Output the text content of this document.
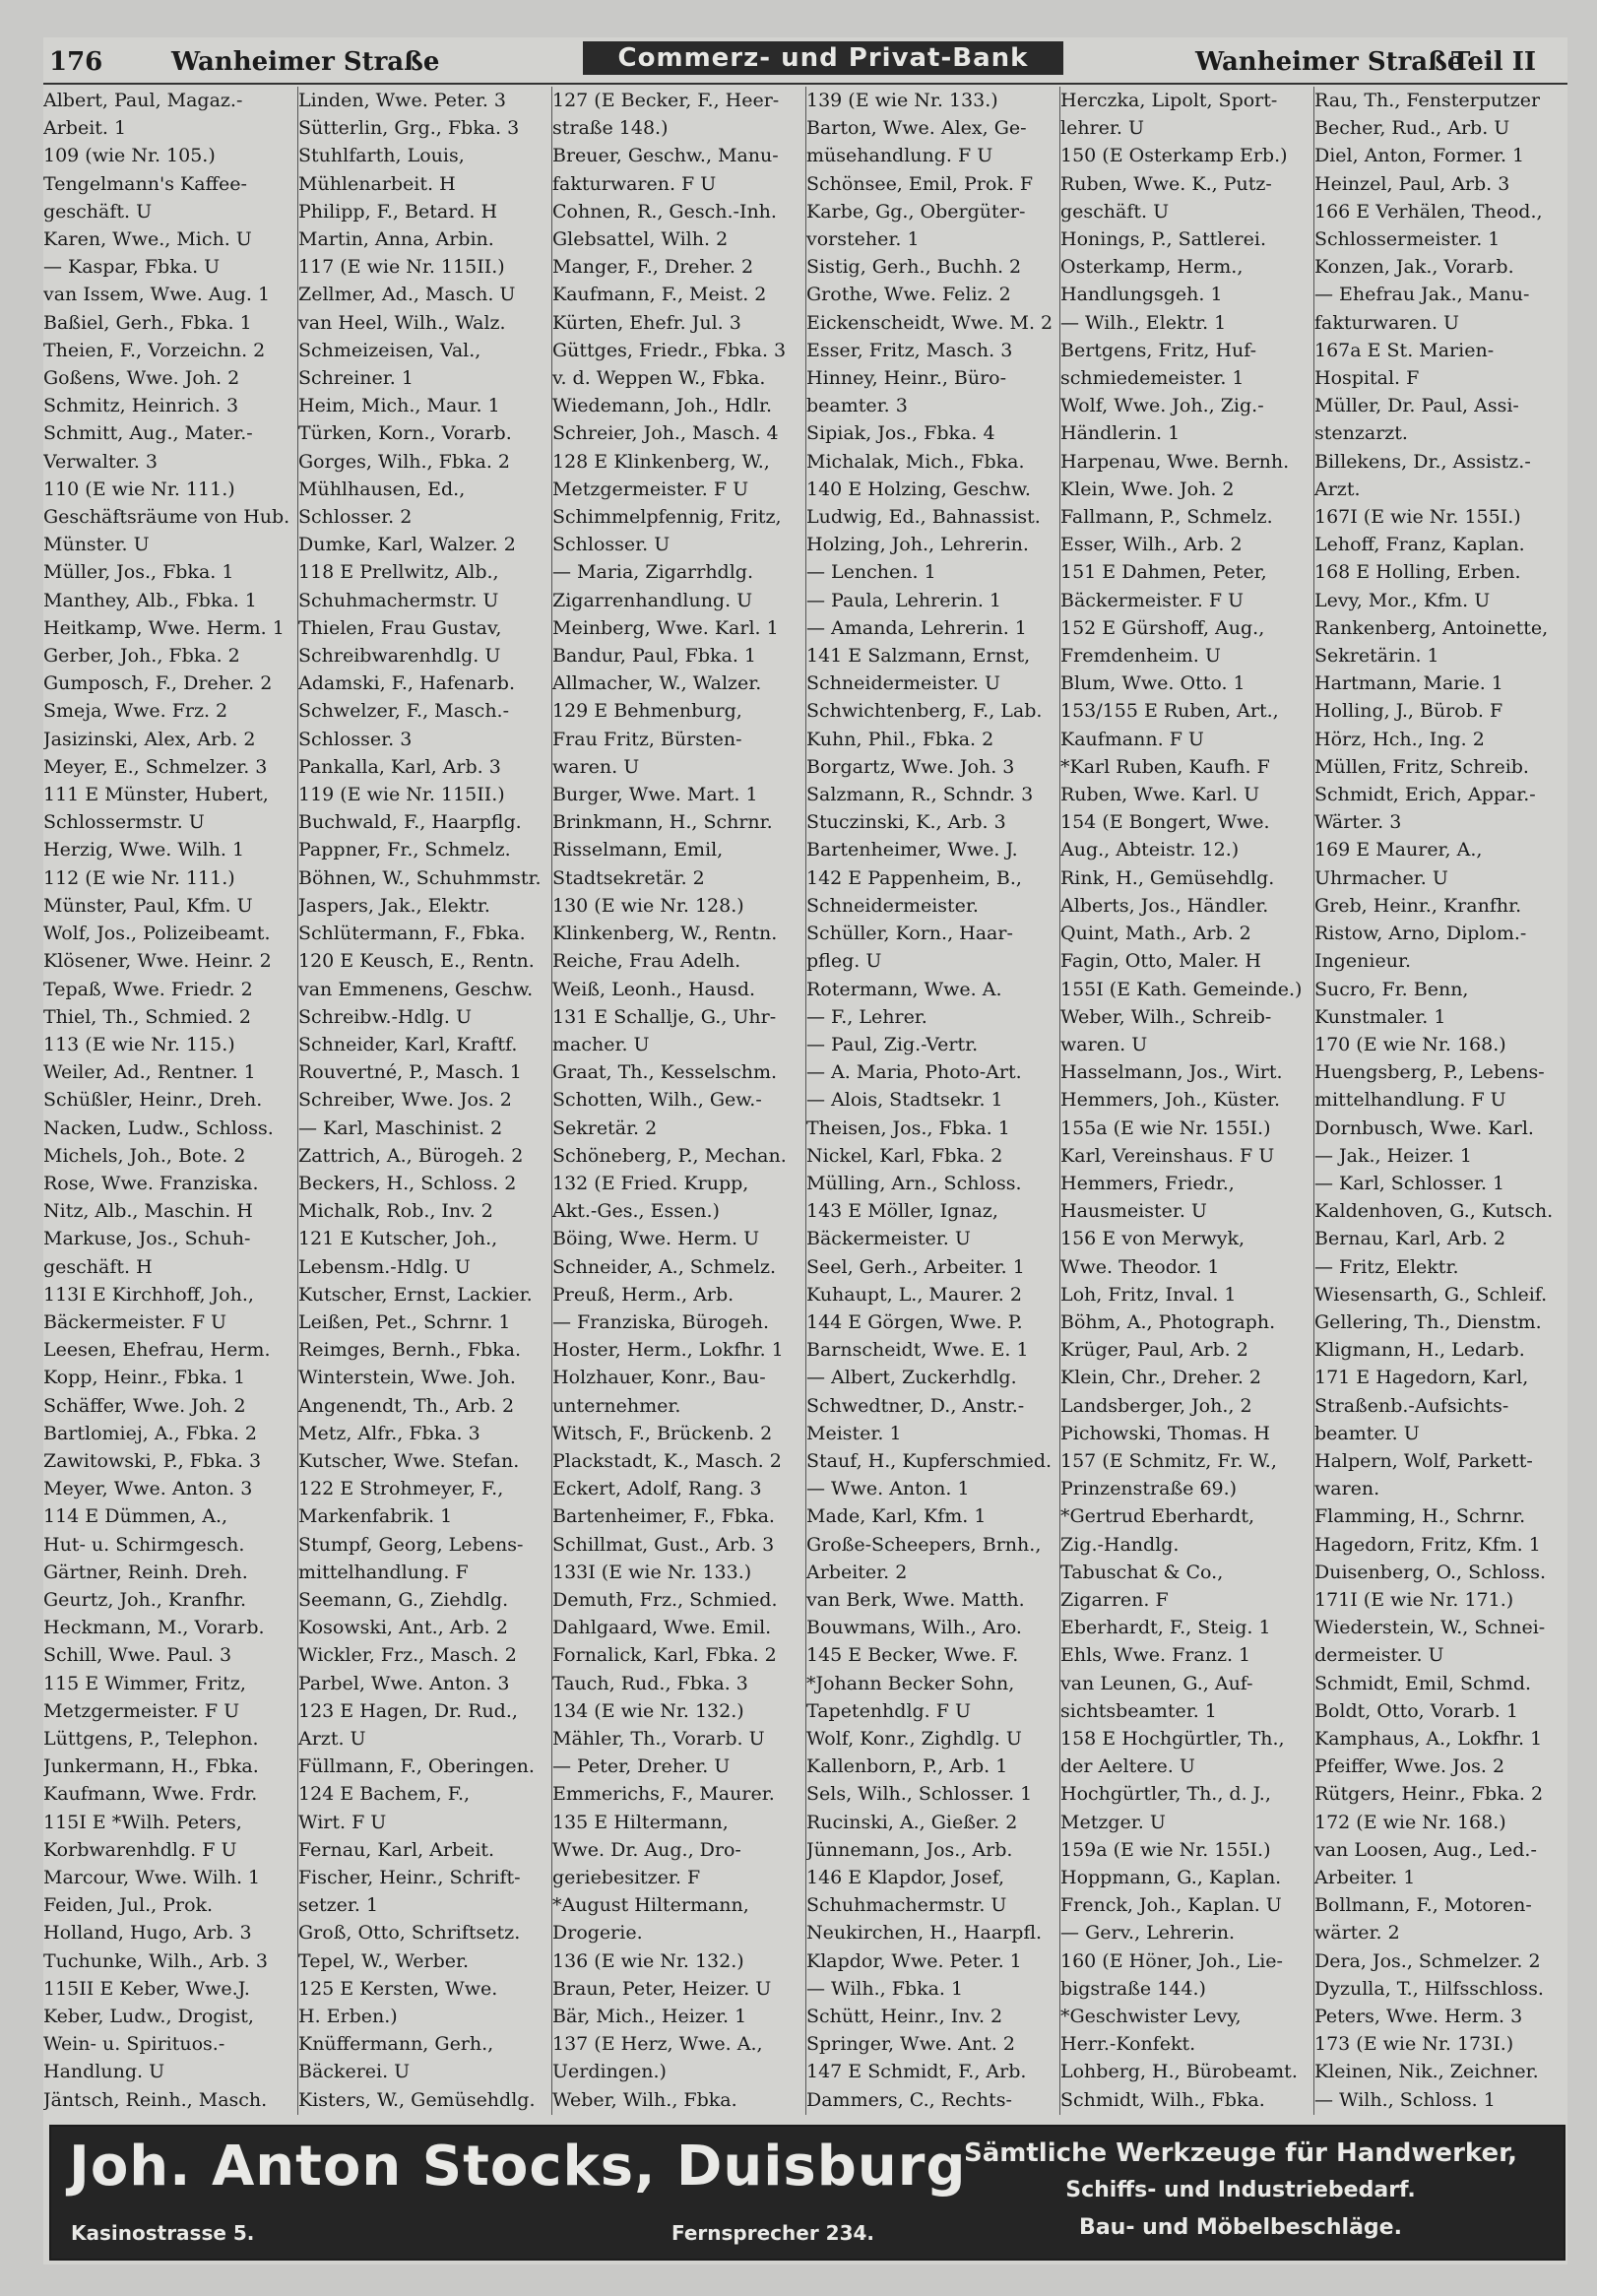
176	Wanheimer Straße	Commerz- und Privat-Bank	Wanheimer Straße
Teil II
Albert, Paul, Magaz.-
Arbeit. 1
109 (wie Nr. 105.)
Tengelmann's Kaffee-
geschäft. U
Karen, Wwe., Mich. U
— Kaspar, Fbka. U
van Issem, Wwe. Aug. 1
Baßiel, Gerh., Fbka. 1
Theien, F., Vorzeichn. 2
Goßens, Wwe. Joh. 2
Schmitz, Heinrich. 3
Schmitt, Aug., Mater.-
Verwalter. 3
110 (E wie Nr. 111.)
Geschäftsräume von Hub.
Münster. U
Müller, Jos., Fbka. 1
Manthey, Alb., Fbka. 1
Heitkamp, Wwe. Herm. 1
Gerber, Joh., Fbka. 2
Gumposch, F., Dreher. 2
Smeja, Wwe. Frz. 2
Jasizinski, Alex, Arb. 2
Meyer, E., Schmelzer. 3
111 E Münster, Hubert,
Schlossermstr. U
Herzig, Wwe. Wilh. 1
112 (E wie Nr. 111.)
Münster, Paul, Kfm. U
Wolf, Jos., Polizeibeamt.
Klösener, Wwe. Heinr. 2
Tepaß, Wwe. Friedr. 2
Thiel, Th., Schmied. 2
113 (E wie Nr. 115.)
Weiler, Ad., Rentner. 1
Schüßler, Heinr., Dreh.
Nacken, Ludw., Schloss.
Michels, Joh., Bote. 2
Rose, Wwe. Franziska.
Nitz, Alb., Maschin. H
Markuse, Jos., Schuh-
geschäft. H
113I E Kirchhoff, Joh.,
Bäckermeister. F U
Leesen, Ehefrau, Herm.
Kopp, Heinr., Fbka. 1
Schäffer, Wwe. Joh. 2
Bartlomiej, A., Fbka. 2
Zawitowski, P., Fbka. 3
Meyer, Wwe. Anton. 3
114 E Dümmen, A.,
Hut- u. Schirmgesch.
Gärtner, Reinh. Dreh.
Geurtz, Joh., Kranfhr.
Heckmann, M., Vorarb.
Schill, Wwe. Paul. 3
115 E Wimmer, Fritz,
Metzgermeister. F U
Lüttgens, P., Telephon.
Junkermann, H., Fbka.
Kaufmann, Wwe. Frdr.
115I E *Wilh. Peters,
Korbwarenhdlg. F U
Marcour, Wwe. Wilh. 1
Feiden, Jul., Prok.
Holland, Hugo, Arb. 3
Tuchunke, Wilh., Arb. 3
115II E Keber, Wwe.J.
Keber, Ludw., Drogist,
Wein- u. Spirituos.-
Handlung. U
Jäntsch, Reinh., Masch.
Linden, Wwe. Peter. 3
Sütterlin, Grg., Fbka. 3
Stuhlfarth, Louis,
Mühlenarbeit. H
Philipp, F., Betard. H
Martin, Anna, Arbin.
117 (E wie Nr. 115II.)
Zellmer, Ad., Masch. U
van Heel, Wilh., Walz.
Schmeizeisen, Val.,
Schreiner. 1
Heim, Mich., Maur. 1
Türken, Korn., Vorarb.
Gorges, Wilh., Fbka. 2
Mühlhausen, Ed.,
Schlosser. 2
Dumke, Karl, Walzer. 2
118 E Prellwitz, Alb.,
Schuhmachermstr. U
Thielen, Frau Gustav,
Schreibwarenhdlg. U
Adamski, F., Hafenarb.
Schwelzer, F., Masch.-
Schlosser. 3
Pankalla, Karl, Arb. 3
119 (E wie Nr. 115II.)
Buchwald, F., Haarpflg.
Pappner, Fr., Schmelz.
Böhnen, W., Schuhmmstr.
Jaspers, Jak., Elektr.
Schlütermann, F., Fbka.
120 E Keusch, E., Rentn.
van Emmenens, Geschw.
Schreibw.-Hdlg. U
Schneider, Karl, Kraftf.
Rouvertné, P., Masch. 1
Schreiber, Wwe. Jos. 2
— Karl, Maschinist. 2
Zattrich, A., Bürogeh. 2
Beckers, H., Schloss. 2
Michalk, Rob., Inv. 2
121 E Kutscher, Joh.,
Lebensm.-Hdlg. U
Kutscher, Ernst, Lackier.
Leißen, Pet., Schrnr. 1
Reimges, Bernh., Fbka.
Winterstein, Wwe. Joh.
Angenendt, Th., Arb. 2
Metz, Alfr., Fbka. 3
Kutscher, Wwe. Stefan.
122 E Strohmeyer, F.,
Markenfabrik. 1
Stumpf, Georg, Lebens-
mittelhandlung. F
Seemann, G., Ziehdlg.
Kosowski, Ant., Arb. 2
Wickler, Frz., Masch. 2
Parbel, Wwe. Anton. 3
123 E Hagen, Dr. Rud.,
Arzt. U
Füllmann, F., Oberingen.
124 E Bachem, F.,
Wirt. F U
Fernau, Karl, Arbeit.
Fischer, Heinr., Schrift-
setzer. 1
Groß, Otto, Schriftsetz.
Tepel, W., Werber.
125 E Kersten, Wwe.
H. Erben.)
Knüffermann, Gerh.,
Bäckerei. U
Kisters, W., Gemüsehdlg.
127 (E Becker, F., Heer-
straße 148.)
Breuer, Geschw., Manu-
fakturwaren. F U
Cohnen, R., Gesch.-Inh.
Glebsattel, Wilh. 2
Manger, F., Dreher. 2
Kaufmann, F., Meist. 2
Kürten, Ehefr. Jul. 3
Güttges, Friedr., Fbka. 3
v. d. Weppen W., Fbka.
Wiedemann, Joh., Hdlr.
Schreier, Joh., Masch. 4
128 E Klinkenberg, W.,
Metzgermeister. F U
Schimmelpfennig, Fritz,
Schlosser. U
— Maria, Zigarrhdlg.
Zigarrenhandlung. U
Meinberg, Wwe. Karl. 1
Bandur, Paul, Fbka. 1
Allmacher, W., Walzer.
129 E Behmenburg,
Frau Fritz, Bürsten-
waren. U
Burger, Wwe. Mart. 1
Brinkmann, H., Schrnr.
Risselmann, Emil,
Stadtsekretär. 2
130 (E wie Nr. 128.)
Klinkenberg, W., Rentn.
Reiche, Frau Adelh.
Weiß, Leonh., Hausd.
131 E Schallje, G., Uhr-
macher. U
Graat, Th., Kesselschm.
Schotten, Wilh., Gew.-
Sekretär. 2
Schöneberg, P., Mechan.
132 (E Fried. Krupp,
Akt.-Ges., Essen.)
Böing, Wwe. Herm. U
Schneider, A., Schmelz.
Preuß, Herm., Arb.
— Franziska, Bürogeh.
Hoster, Herm., Lokfhr. 1
Holzhauer, Konr., Bau-
unternehmer.
Witsch, F., Brückenb. 2
Plackstadt, K., Masch. 2
Eckert, Adolf, Rang. 3
Bartenheimer, F., Fbka.
Schillmat, Gust., Arb. 3
133I (E wie Nr. 133.)
Demuth, Frz., Schmied.
Dahlgaard, Wwe. Emil.
Fornalick, Karl, Fbka. 2
Tauch, Rud., Fbka. 3
134 (E wie Nr. 132.)
Mähler, Th., Vorarb. U
— Peter, Dreher. U
Emmerichs, F., Maurer.
135 E Hiltermann,
Wwe. Dr. Aug., Dro-
geriebesitzer. F
*August Hiltermann,
Drogerie.
136 (E wie Nr. 132.)
Braun, Peter, Heizer. U
Bär, Mich., Heizer. 1
137 (E Herz, Wwe. A.,
Uerdingen.)
Weber, Wilh., Fbka.
139 (E wie Nr. 133.)
Barton, Wwe. Alex, Ge-
müsehandlung. F U
Schönsee, Emil, Prok. F
Karbe, Gg., Obergüter-
vorsteher. 1
Sistig, Gerh., Buchh. 2
Grothe, Wwe. Feliz. 2
Eickenscheidt, Wwe. M. 2
Esser, Fritz, Masch. 3
Hinney, Heinr., Büro-
beamter. 3
Sipiak, Jos., Fbka. 4
Michalak, Mich., Fbka.
140 E Holzing, Geschw.
Ludwig, Ed., Bahnassist.
Holzing, Joh., Lehrerin.
— Lenchen. 1
— Paula, Lehrerin. 1
— Amanda, Lehrerin. 1
141 E Salzmann, Ernst,
Schneidermeister. U
Schwichtenberg, F., Lab.
Kuhn, Phil., Fbka. 2
Borgartz, Wwe. Joh. 3
Salzmann, R., Schndr. 3
Stuczinski, K., Arb. 3
Bartenheimer, Wwe. J.
142 E Pappenheim, B.,
Schneidermeister.
Schüller, Korn., Haar-
pfleg. U
Rotermann, Wwe. A.
— F., Lehrer.
— Paul, Zig.-Vertr.
— A. Maria, Photo-Art.
— Alois, Stadtsekr. 1
Theisen, Jos., Fbka. 1
Nickel, Karl, Fbka. 2
Mülling, Arn., Schloss.
143 E Möller, Ignaz,
Bäckermeister. U
Seel, Gerh., Arbeiter. 1
Kuhaupt, L., Maurer. 2
144 E Görgen, Wwe. P.
Barnscheidt, Wwe. E. 1
— Albert, Zuckerhdlg.
Schwedtner, D., Anstr.-
Meister. 1
Stauf, H., Kupferschmied.
— Wwe. Anton. 1
Made, Karl, Kfm. 1
Große-Scheepers, Brnh.,
Arbeiter. 2
van Berk, Wwe. Matth.
Bouwmans, Wilh., Aro.
145 E Becker, Wwe. F.
*Johann Becker Sohn,
Tapetenhdlg. F U
Wolf, Konr., Zighdlg. U
Kallenborn, P., Arb. 1
Sels, Wilh., Schlosser. 1
Rucinski, A., Gießer. 2
Jünnemann, Jos., Arb.
146 E Klapdor, Josef,
Schuhmachermstr. U
Neukirchen, H., Haarpfl.
Klapdor, Wwe. Peter. 1
— Wilh., Fbka. 1
Schütt, Heinr., Inv. 2
Springer, Wwe. Ant. 2
147 E Schmidt, F., Arb.
Dammers, C., Rechts-
Herczka, Lipolt, Sport-
lehrer. U
150 (E Osterkamp Erb.)
Ruben, Wwe. K., Putz-
geschäft. U
Honings, P., Sattlerei.
Osterkamp, Herm.,
Handlungsgeh. 1
— Wilh., Elektr. 1
Bertgens, Fritz, Huf-
schmiedemeister. 1
Wolf, Wwe. Joh., Zig.-
Händlerin. 1
Harpenau, Wwe. Bernh.
Klein, Wwe. Joh. 2
Fallmann, P., Schmelz.
Esser, Wilh., Arb. 2
151 E Dahmen, Peter,
Bäckermeister. F U
152 E Gürshoff, Aug.,
Fremdenheim. U
Blum, Wwe. Otto. 1
153/155 E Ruben, Art.,
Kaufmann. F U
*Karl Ruben, Kaufh. F
Ruben, Wwe. Karl. U
154 (E Bongert, Wwe.
Aug., Abteistr. 12.)
Rink, H., Gemüsehdlg.
Alberts, Jos., Händler.
Quint, Math., Arb. 2
Fagin, Otto, Maler. H
155I (E Kath. Gemeinde.)
Weber, Wilh., Schreib-
waren. U
Hasselmann, Jos., Wirt.
Hemmers, Joh., Küster.
155a (E wie Nr. 155I.)
Karl, Vereinshaus. F U
Hemmers, Friedr.,
Hausmeister. U
156 E von Merwyk,
Wwe. Theodor. 1
Loh, Fritz, Inval. 1
Böhm, A., Photograph.
Krüger, Paul, Arb. 2
Klein, Chr., Dreher. 2
Landsberger, Joh., 2
Pichowski, Thomas. H
157 (E Schmitz, Fr. W.,
Prinzenstraße 69.)
*Gertrud Eberhardt,
Zig.-Handlg.
Tabuschat & Co.,
Zigarren. F
Eberhardt, F., Steig. 1
Ehls, Wwe. Franz. 1
van Leunen, G., Auf-
sichtsbeamter. 1
158 E Hochgürtler, Th.,
der Aeltere. U
Hochgürtler, Th., d. J.,
Metzger. U
159a (E wie Nr. 155I.)
Hoppmann, G., Kaplan.
Frenck, Joh., Kaplan. U
— Gerv., Lehrerin.
160 (E Höner, Joh., Lie-
bigstraße 144.)
*Geschwister Levy,
Herr.-Konfekt.
Lohberg, H., Bürobeamt.
Schmidt, Wilh., Fbka.
Rau, Th., Fensterputzer
Becher, Rud., Arb. U
Diel, Anton, Former. 1
Heinzel, Paul, Arb. 3
166 E Verhälen, Theod.,
Schlossermeister. 1
Konzen, Jak., Vorarb.
— Ehefrau Jak., Manu-
fakturwaren. U
167a E St. Marien-
Hospital. F
Müller, Dr. Paul, Assi-
stenzarzt.
Billekens, Dr., Assistz.-
Arzt.
167I (E wie Nr. 155I.)
Lehoff, Franz, Kaplan.
168 E Holling, Erben.
Levy, Mor., Kfm. U
Rankenberg, Antoinette,
Sekretärin. 1
Hartmann, Marie. 1
Holling, J., Bürob. F
Hörz, Hch., Ing. 2
Müllen, Fritz, Schreib.
Schmidt, Erich, Appar.-
Wärter. 3
169 E Maurer, A.,
Uhrmacher. U
Greb, Heinr., Kranfhr.
Ristow, Arno, Diplom.-
Ingenieur.
Sucro, Fr. Benn,
Kunstmaler. 1
170 (E wie Nr. 168.)
Huengsberg, P., Lebens-
mittelhandlung. F U
Dornbusch, Wwe. Karl.
— Jak., Heizer. 1
— Karl, Schlosser. 1
Kaldenhoven, G., Kutsch.
Bernau, Karl, Arb. 2
— Fritz, Elektr.
Wiesensarth, G., Schleif.
Gellering, Th., Dienstm.
Kligmann, H., Ledarb.
171 E Hagedorn, Karl,
Straßenb.-Aufsichts-
beamter. U
Halpern, Wolf, Parkett-
waren.
Flamming, H., Schrnr.
Hagedorn, Fritz, Kfm. 1
Duisenberg, O., Schloss.
171I (E wie Nr. 171.)
Wiederstein, W., Schnei-
dermeister. U
Schmidt, Emil, Schmd.
Boldt, Otto, Vorarb. 1
Kamphaus, A., Lokfhr. 1
Pfeiffer, Wwe. Jos. 2
Rütgers, Heinr., Fbka. 2
172 (E wie Nr. 168.)
van Loosen, Aug., Led.-
Arbeiter. 1
Bollmann, F., Motoren-
wärter. 2
Dera, Jos., Schmelzer. 2
Dyzulla, T., Hilfsschloss.
Peters, Wwe. Herm. 3
173 (E wie Nr. 173I.)
Kleinen, Nik., Zeichner.
— Wilh., Schloss. 1
Joh. Anton Stocks, Duisburg
Kasinostrasse 5.	Fernsprecher 234.
Sämtliche Werkzeuge für Handwerker,
Schiffs- und Industriebedarf.
Bau- und Möbelbeschläge.
